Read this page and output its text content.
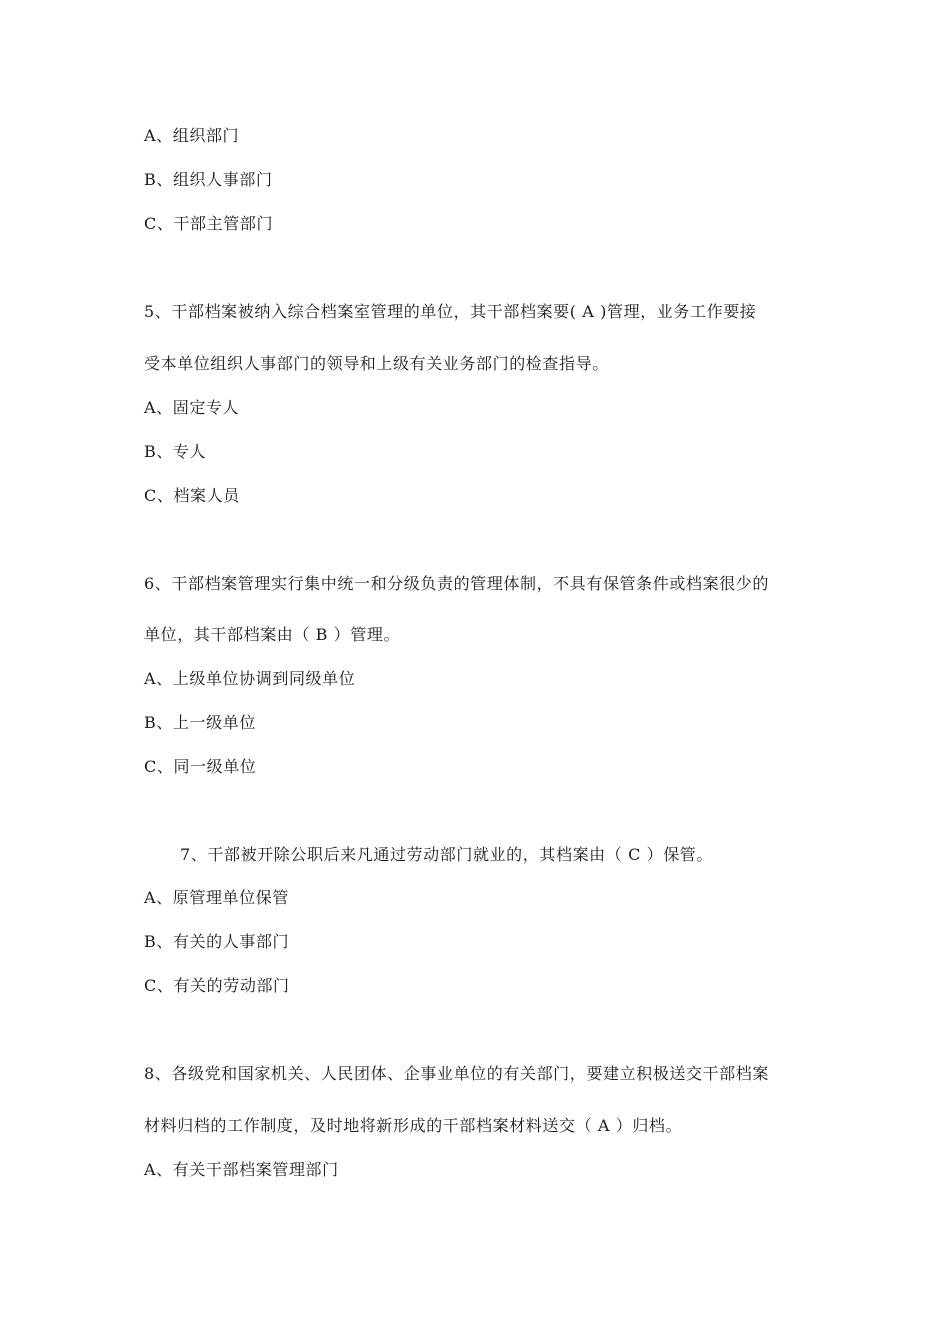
A、组织部门
B、组织人事部门
C、干部主管部门
5、干部档案被纳入综合档案室管理的单位，其干部档案要( A )管理，业务工作要接
受本单位组织人事部门的领导和上级有关业务部门的检查指导。
A、固定专人
B、专人
C、档案人员
6、干部档案管理实行集中统一和分级负责的管理体制，不具有保管条件或档案很少的
单位，其干部档案由（ B ）管理。
A、上级单位协调到同级单位
B、上一级单位
C、同一级单位
7、干部被开除公职后来凡通过劳动部门就业的，其档案由（ C ）保管。
A、原管理单位保管
B、有关的人事部门
C、有关的劳动部门
8、各级党和国家机关、人民团体、企事业单位的有关部门，要建立积极送交干部档案
材料归档的工作制度，及时地将新形成的干部档案材料送交（ A ）归档。
A、有关干部档案管理部门
